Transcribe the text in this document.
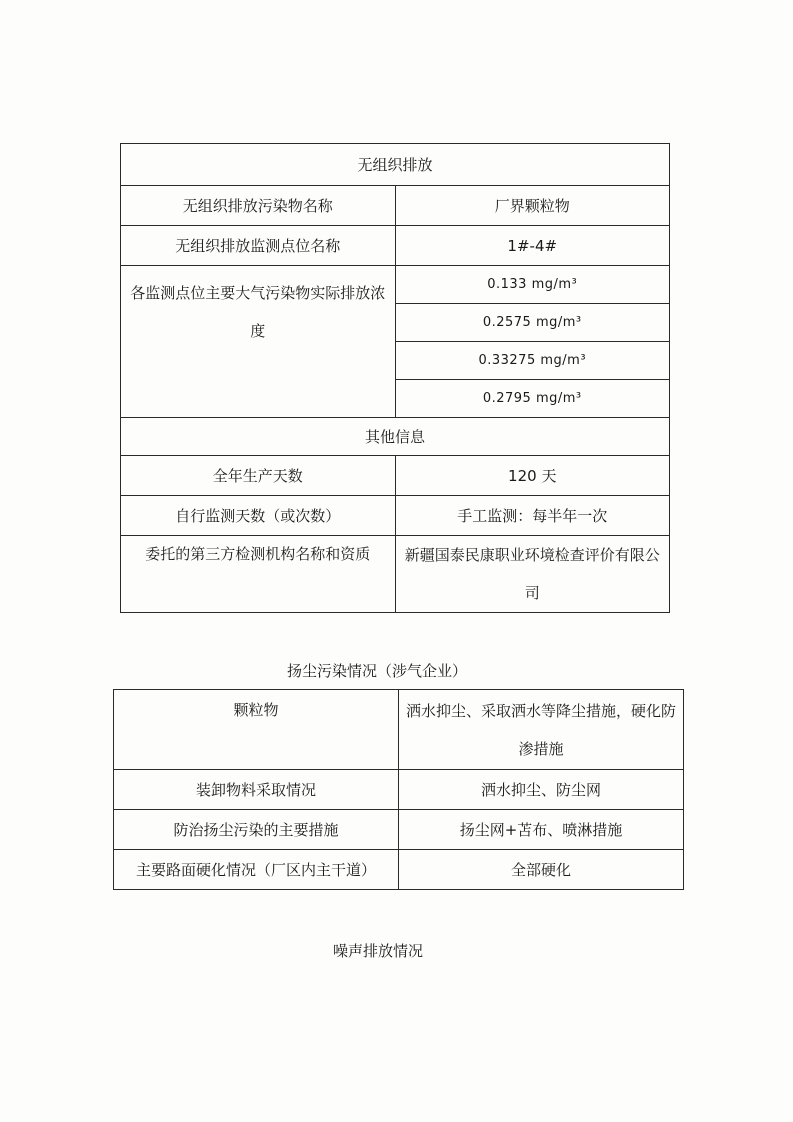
无组织排放	
无组织排放污染物名称	厂界颗粒物
无组织排放监测点位名称	1#-4#
各监测点位主要大气污染物实际排放浓度	0.133 mg/m³
	0.2575 mg/m³
	0.33275 mg/m³
	0.2795 mg/m³
其他信息	
全年生产天数	120 天
自行监测天数（或次数）	手工监测：每半年一次
委托的第三方检测机构名称和资质	新疆国泰民康职业环境检查评价有限公司
扬尘污染情况（涉气企业）
颗粒物	洒水抑尘、采取洒水等降尘措施，硬化防渗措施
装卸物料采取情况	洒水抑尘、防尘网
防治扬尘污染的主要措施	扬尘网+苫布、喷淋措施
主要路面硬化情况（厂区内主干道）	全部硬化
噪声排放情况
